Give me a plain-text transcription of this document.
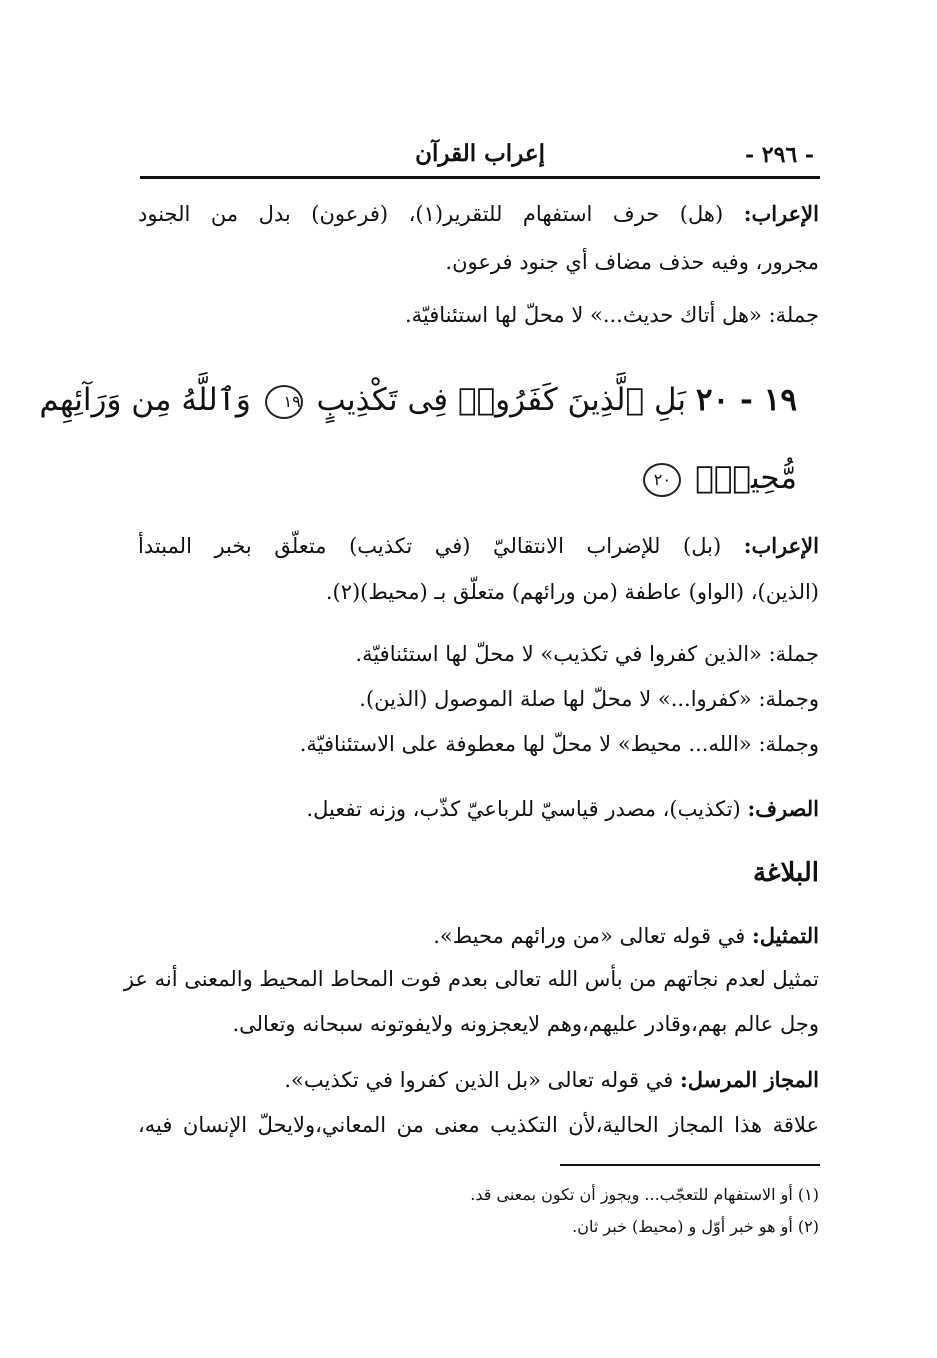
- ٢٩٦ -
إعراب القرآن
الإعراب: (هل) حرف استفهام للتقرير(١)، (فرعون) بدل من الجنود
مجرور، وفيه حذف مضاف أي جنود فرعون.
جملة: «هل أتاك حديث...» لا محلّ لها استئنافيّة.
١٩ - ٢٠ بَلِ ٱلَّذِينَ كَفَرُوا۟ فِى تَكْذِيبٍ ١٩ وَٱللَّهُ مِن وَرَآئِهِم
مُّحِيطٌۢ ٢٠
الإعراب: (بل) للإضراب الانتقاليّ (في تكذيب) متعلّق بخبر المبتدأ
(الذين)، (الواو) عاطفة (من ورائهم) متعلّق بـ (محيط)(٢).
جملة: «الذين كفروا في تكذيب» لا محلّ لها استئنافيّة.
وجملة: «كفروا...» لا محلّ لها صلة الموصول (الذين).
وجملة: «الله... محيط» لا محلّ لها معطوفة على الاستئنافيّة.
الصرف: (تكذيب)، مصدر قياسيّ للرباعيّ كذّب، وزنه تفعيل.
البلاغة
التمثيل: في قوله تعالى «من ورائهم محيط».
تمثيل لعدم نجاتهم من بأس الله تعالى بعدم فوت المحاط المحيط والمعنى أنه عز
وجل عالم بهم،وقادر عليهم،وهم لايعجزونه ولايفوتونه سبحانه وتعالى.
المجاز المرسل: في قوله تعالى «بل الذين كفروا في تكذيب».
علاقة هذا المجاز الحالية،لأن التكذيب معنى من المعاني،ولايحلّ الإنسان فيه،
(١) أو الاستفهام للتعجّب... ويجوز أن تكون بمعنى قد.
(٢) أو هو خبر أوّل و (محيط) خبر ثان.
